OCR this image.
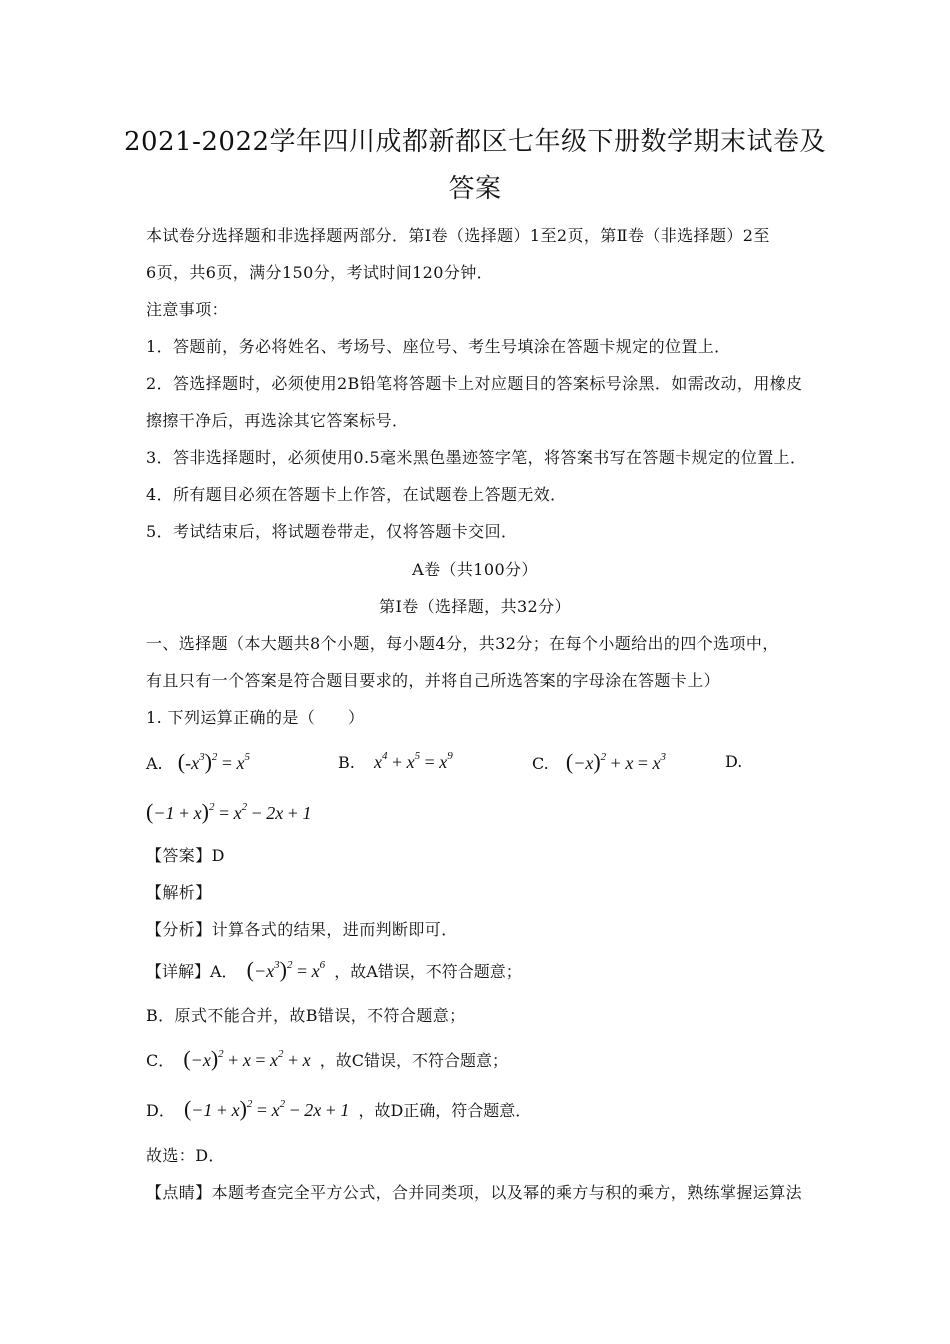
2021-2022学年四川成都新都区七年级下册数学期末试卷及
答案
本试卷分选择题和非选择题两部分．第Ⅰ卷（选择题）1至2页，第Ⅱ卷（非选择题）2至
6页，共6页，满分150分，考试时间120分钟．
注意事项：
1．答题前，务必将姓名、考场号、座位号、考生号填涂在答题卡规定的位置上．
2．答选择题时，必须使用2B铅笔将答题卡上对应题目的答案标号涂黑．如需改动，用橡皮
擦擦干净后，再选涂其它答案标号．
3．答非选择题时，必须使用0.5毫米黑色墨迹签字笔，将答案书写在答题卡规定的位置上．
4．所有题目必须在答题卡上作答，在试题卷上答题无效．
5．考试结束后，将试题卷带走，仅将答题卡交回．
A卷（共100分）
第Ⅰ卷（选择题，共32分）
一、选择题（本大题共8个小题，每小题4分，共32分；在每个小题给出的四个选项中，
有且只有一个答案是符合题目要求的，并将自己所选答案的字母涂在答题卡上）
1. 下列运算正确的是（　　）
A. $(-x^3)^2 = x^5$	B. $x^4 + x^5 = x^9$	C. $(-x)^2 + x = x^3$	D.
$(-1 + x)^2 = x^2 - 2x + 1$
【答案】D
【解析】
【分析】计算各式的结果，进而判断即可．
【详解】A． $(-x^3)^2 = x^6$ ，故A错误，不符合题意；
B．原式不能合并，故B错误，不符合题意；
C． $(-x)^2 + x = x^2 + x$ ，故C错误，不符合题意；
D． $(-1 + x)^2 = x^2 - 2x + 1$ ，故D正确，符合题意．
故选：D．
【点睛】本题考查完全平方公式，合并同类项，以及幂的乘方与积的乘方，熟练掌握运算法
